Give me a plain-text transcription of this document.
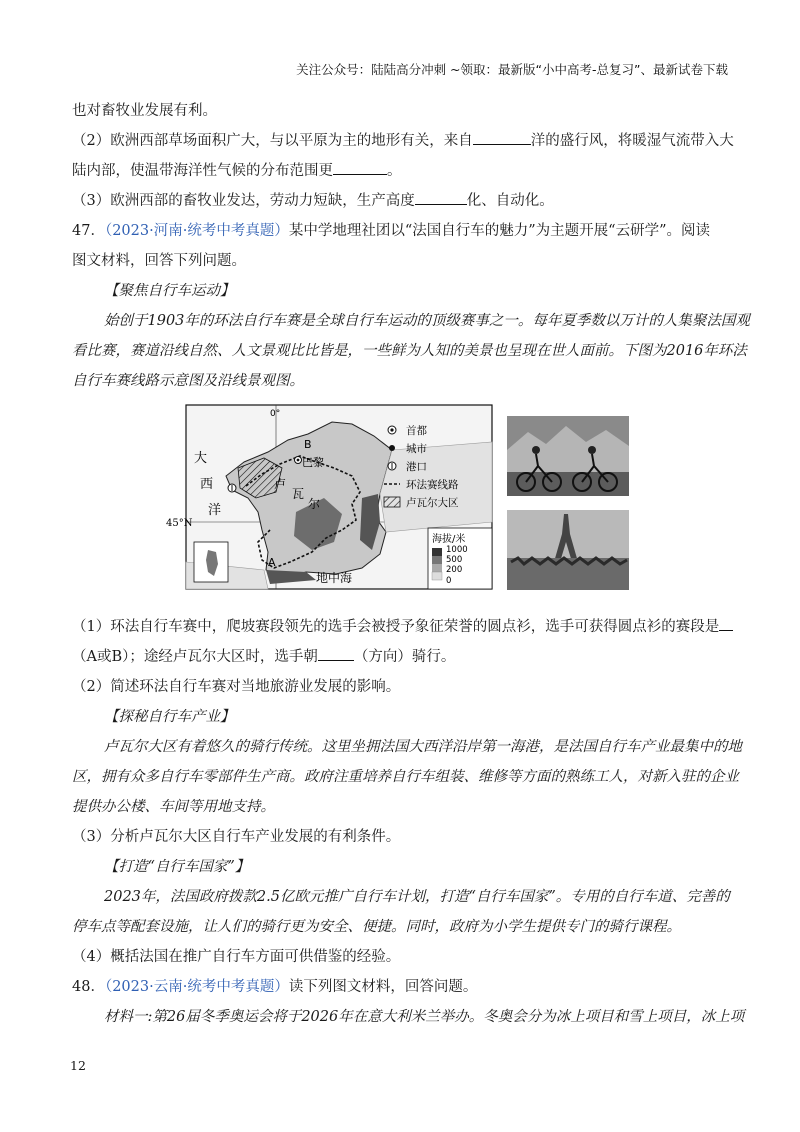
关注公众号：陆陆高分冲刺 ~领取：最新版“小中高考-总复习”、最新试卷下载
也对畜牧业发展有利。
（2）欧洲西部草场面积广大，与以平原为主的地形有关，来自	洋的盛行风，将暖湿气流带入大
陆内部，使温带海洋性气候的分布范围更	。
（3）欧洲西部的畜牧业发达，劳动力短缺，生产高度	化、自动化。
47．（2023·河南·统考中考真题）某中学地理社团以“法国自行车的魅力”为主题开展“云研学”。阅读
图文材料，回答下列问题。
【聚焦自行车运动】
始创于1903年的环法自行车赛是全球自行车运动的顶级赛事之一。每年夏季数以万计的人集聚法国观
看比赛，赛道沿线自然、人文景观比比皆是，一些鲜为人知的美景也呈现在世人面前。下图为2016年环法
自行车赛线路示意图及沿线景观图。
0°
45°N
大
西
洋
B
巴黎
卢
瓦
尔
A
地中海
首都
城市
港口
环法赛线路
卢瓦尔大区
海拔/米
1000
500
200
0
（1）环法自行车赛中，爬坡赛段领先的选手会被授予象征荣誉的圆点衫，选手可获得圆点衫的赛段是
（A或B）；途经卢瓦尔大区时，选手朝 （方向）骑行。
（2）简述环法自行车赛对当地旅游业发展的影响。
【探秘自行车产业】
卢瓦尔大区有着悠久的骑行传统。这里坐拥法国大西洋沿岸第一海港，是法国自行车产业最集中的地
区，拥有众多自行车零部件生产商。政府注重培养自行车组装、维修等方面的熟练工人，对新入驻的企业
提供办公楼、车间等用地支持。
（3）分析卢瓦尔大区自行车产业发展的有利条件。
【打造“自行车国家”】
2023年，法国政府拨款2.5亿欧元推广自行车计划，打造“自行车国家”。专用的自行车道、完善的
停车点等配套设施，让人们的骑行更为安全、便捷。同时，政府为小学生提供专门的骑行课程。
（4）概括法国在推广自行车方面可供借鉴的经验。
48．（2023·云南·统考中考真题）读下列图文材料，回答问题。
材料一:第26届冬季奥运会将于2026年在意大利米兰举办。冬奥会分为冰上项目和雪上项目，冰上项
12
